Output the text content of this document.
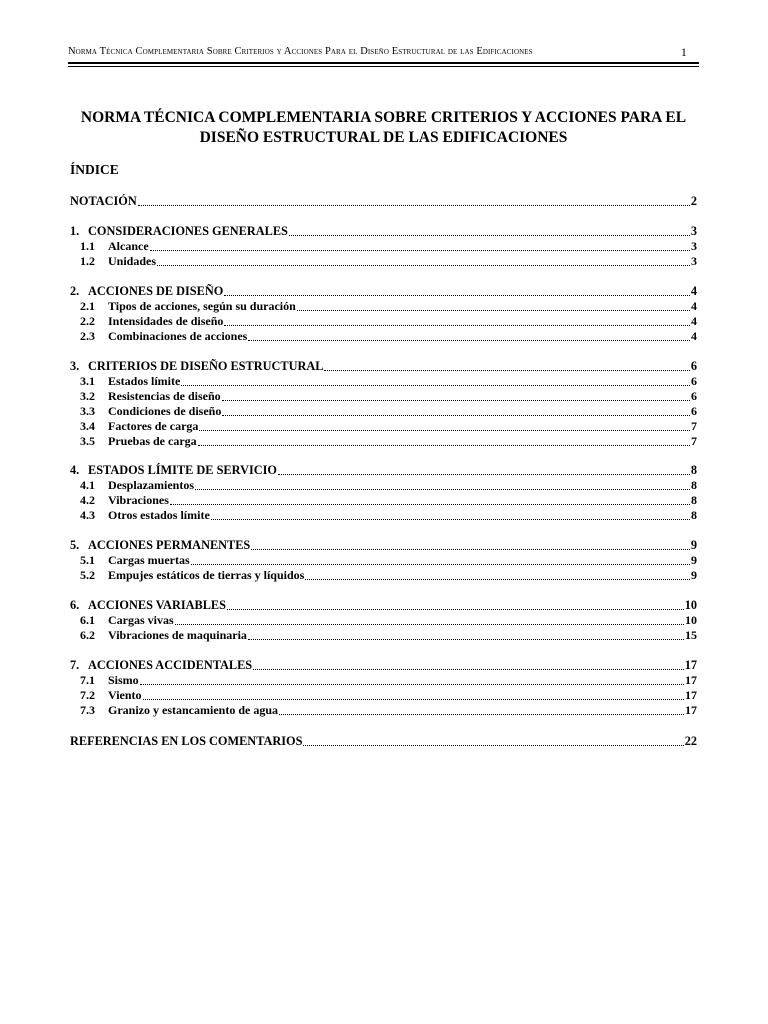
Norma Técnica Complementaria Sobre Criterios y Acciones Para el Diseño Estructural de las Edificaciones	1
NORMA TÉCNICA COMPLEMENTARIA SOBRE CRITERIOS Y ACCIONES PARA EL
DISEÑO ESTRUCTURAL DE LAS EDIFICACIONES
ÍNDICE
NOTACIÓN	2
1. CONSIDERACIONES GENERALES	3
1.1	Alcance	3
1.2	Unidades	3
2. ACCIONES DE DISEÑO	4
2.1	Tipos de acciones, según su duración	4
2.2	Intensidades de diseño	4
2.3	Combinaciones de acciones	4
3. CRITERIOS DE DISEÑO ESTRUCTURAL	6
3.1	Estados límite	6
3.2	Resistencias de diseño	6
3.3	Condiciones de diseño	6
3.4	Factores de carga	7
3.5	Pruebas de carga	7
4. ESTADOS LÍMITE DE SERVICIO	8
4.1	Desplazamientos	8
4.2	Vibraciones	8
4.3	Otros estados límite	8
5. ACCIONES PERMANENTES	9
5.1	Cargas muertas	9
5.2	Empujes estáticos de tierras y líquidos	9
6. ACCIONES VARIABLES	10
6.1	Cargas vivas	10
6.2	Vibraciones de maquinaria	15
7. ACCIONES ACCIDENTALES	17
7.1	Sismo	17
7.2	Viento	17
7.3	Granizo y estancamiento de agua	17
REFERENCIAS EN LOS COMENTARIOS	22
